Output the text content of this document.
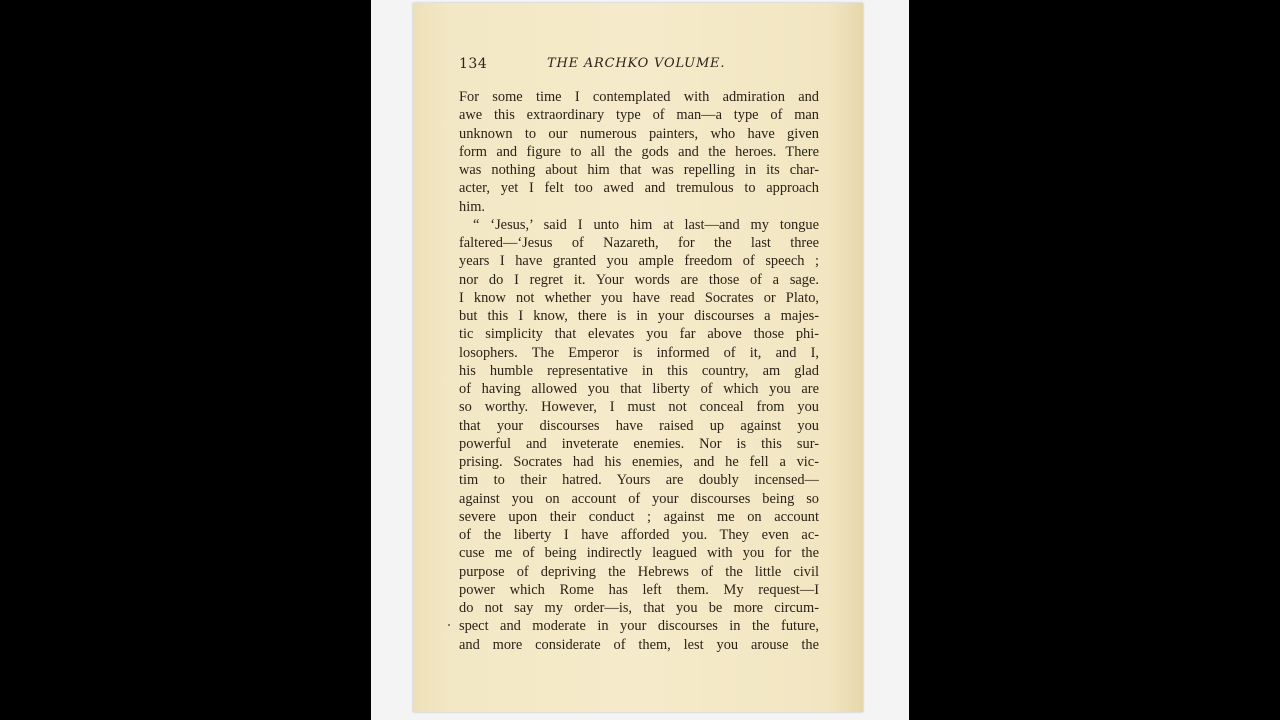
134	THE ARCHKO VOLUME.
For some time I contemplated with admiration and
awe this extraordinary type of man—a type of man
unknown to our numerous painters, who have given
form and figure to all the gods and the heroes. There
was nothing about him that was repelling in its char-
acter, yet I felt too awed and tremulous to approach
him.
“ ‘Jesus,’ said I unto him at last—and my tongue
faltered—‘Jesus of Nazareth, for the last three
years I have granted you ample freedom of speech ;
nor do I regret it. Your words are those of a sage.
I know not whether you have read Socrates or Plato,
but this I know, there is in your discourses a majes-
tic simplicity that elevates you far above those phi-
losophers. The Emperor is informed of it, and I,
his humble representative in this country, am glad
of having allowed you that liberty of which you are
so worthy. However, I must not conceal from you
that your discourses have raised up against you
powerful and inveterate enemies. Nor is this sur-
prising. Socrates had his enemies, and he fell a vic-
tim to their hatred. Yours are doubly incensed—
against you on account of your discourses being so
severe upon their conduct ; against me on account
of the liberty I have afforded you. They even ac-
cuse me of being indirectly leagued with you for the
purpose of depriving the Hebrews of the little civil
power which Rome has left them. My request—I
do not say my order—is, that you be more circum-
spect and moderate in your discourses in the future,
and more considerate of them, lest you arouse the
